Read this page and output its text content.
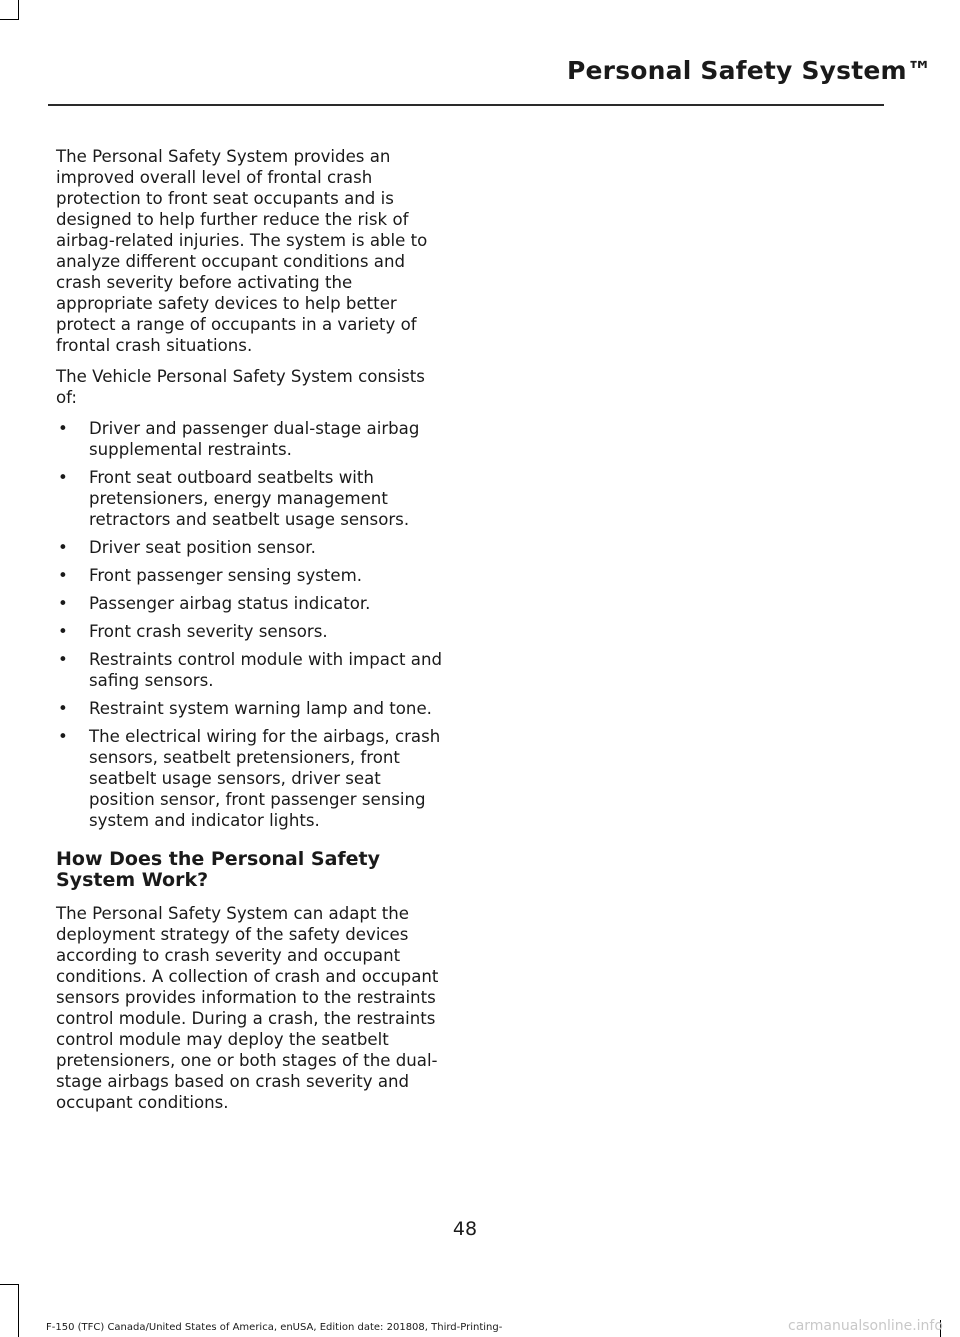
Personal Safety System™

The Personal Safety System provides an improved overall level of frontal crash protection to front seat occupants and is designed to help further reduce the risk of airbag-related injuries. The system is able to analyze different occupant conditions and crash severity before activating the appropriate safety devices to help better protect a range of occupants in a variety of frontal crash situations.

The Vehicle Personal Safety System consists of:

• Driver and passenger dual-stage airbag supplemental restraints.
• Front seat outboard seatbelts with pretensioners, energy management retractors and seatbelt usage sensors.
• Driver seat position sensor.
• Front passenger sensing system.
• Passenger airbag status indicator.
• Front crash severity sensors.
• Restraints control module with impact and safing sensors.
• Restraint system warning lamp and tone.
• The electrical wiring for the airbags, crash sensors, seatbelt pretensioners, front seatbelt usage sensors, driver seat position sensor, front passenger sensing system and indicator lights.
How Does the Personal Safety System Work?

The Personal Safety System can adapt the deployment strategy of the safety devices according to crash severity and occupant conditions. A collection of crash and occupant sensors provides information to the restraints control module. During a crash, the restraints control module may deploy the seatbelt pretensioners, one or both stages of the dual-stage airbags based on crash severity and occupant conditions.

48
F-150 (TFC) Canada/United States of America, enUSA, Edition date: 201808, Third-Printing-	carmanualsonline.info
